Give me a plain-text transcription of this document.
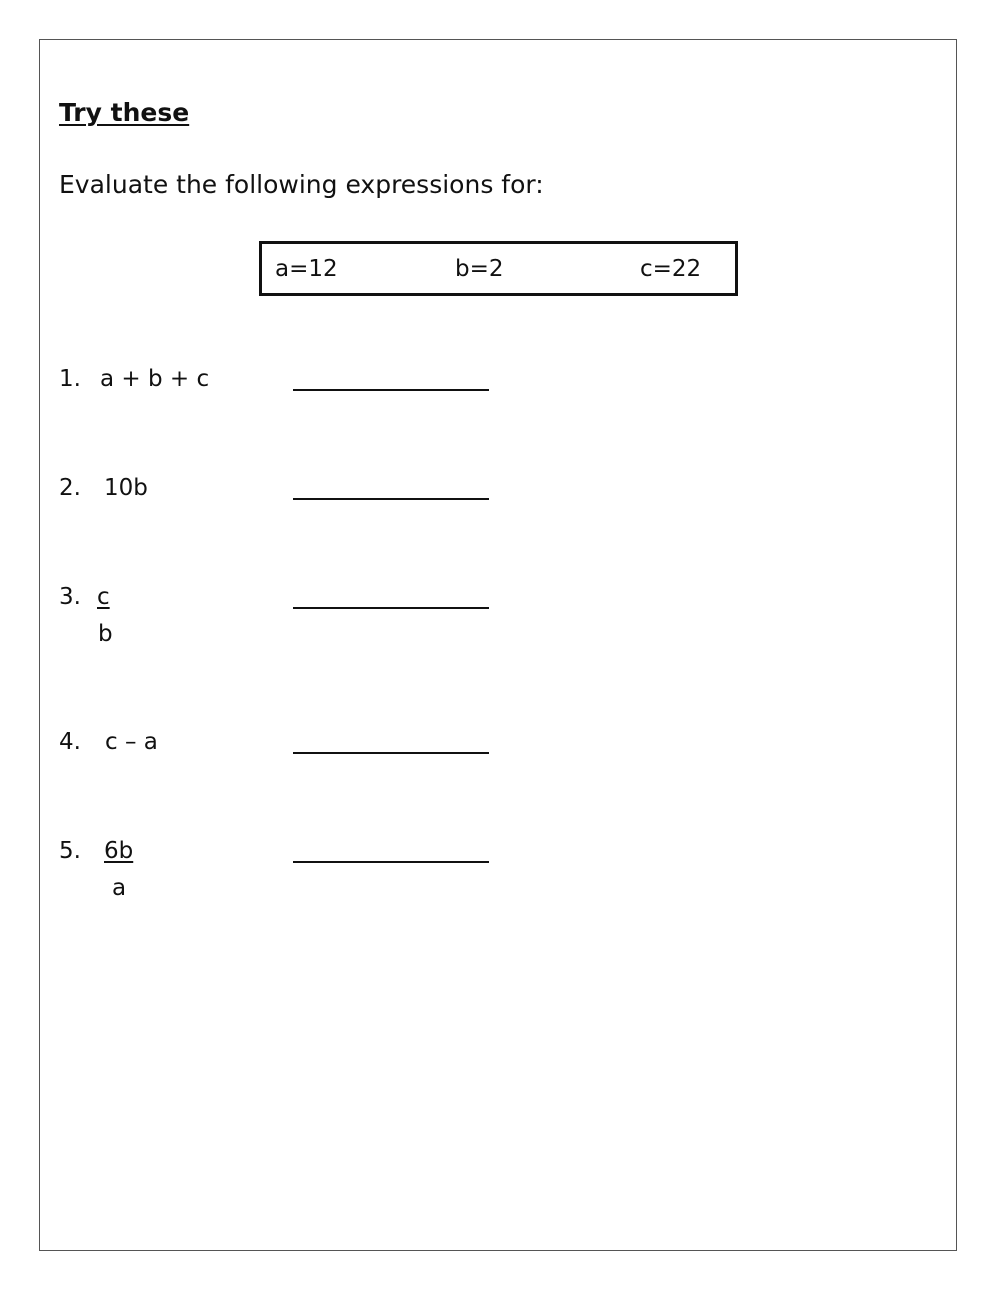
Try these
Evaluate the following expressions for:
a=12	b=2	c=22
1. a + b + c
2. 10b
3. c
b
4. c – a
5. 6b
a
